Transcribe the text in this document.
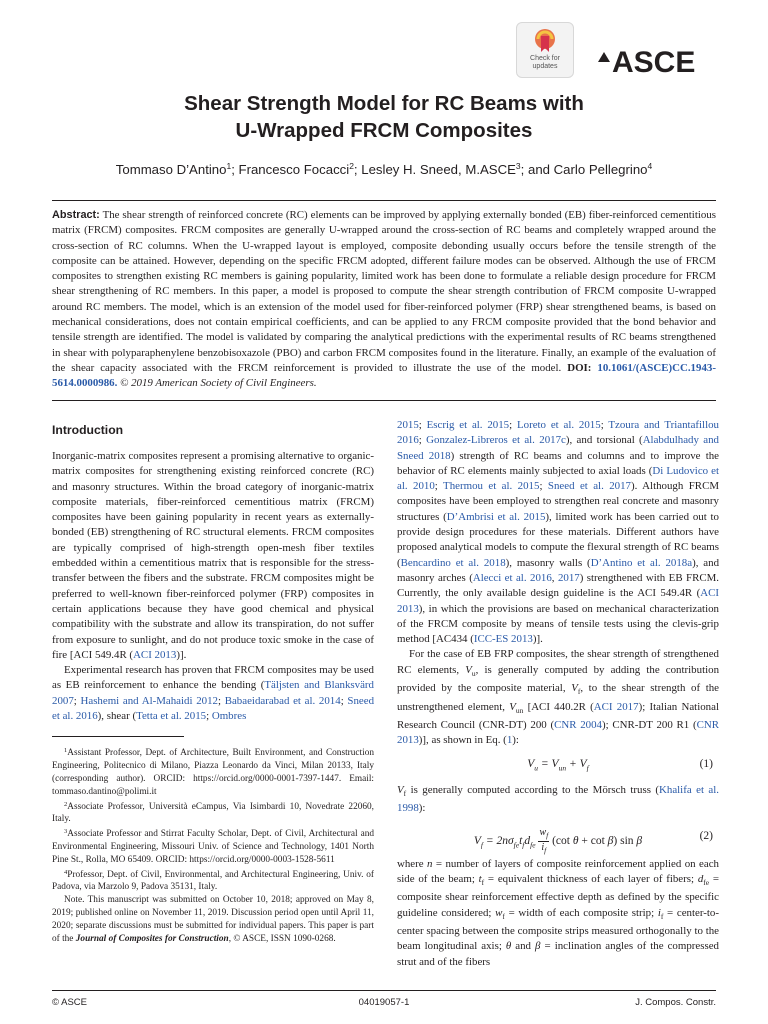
Check for
updates	ASCE
Shear Strength Model for RC Beams with
U-Wrapped FRCM Composites
Tommaso D’Antino$^1$; Francesco Focacci$^2$; Lesley H. Sneed, M.ASCE$^3$; and Carlo Pellegrino$^4$
Abstract: The shear strength of reinforced concrete (RC) elements can be improved by applying externally bonded (EB) fiber-reinforced cementitious matrix (FRCM) composites. FRCM composites are generally U-wrapped around the cross-section of RC beams and completely wrapped around the cross-section of RC columns. When the U-wrapped layout is employed, composite debonding usually occurs before the tensile strength of the composite can be attained. However, depending on the specific FRCM adopted, different failure modes can be observed. Although the use of FRCM composites to strengthen existing RC members is gaining popularity, limited work has been done to formulate a reliable design procedure for FRCM shear strengthening of RC members. In this paper, a model is proposed to compute the shear strength contribution of FRCM composite U-wrapped around RC members. The model, which is an extension of the model used for fiber-reinforced polymer (FRP) shear strengthened beams, is based on mechanical considerations, does not contain empirical coefficients, and can be applied to any FRCM composite provided that the bond behavior and tensile strength are identified. The model is validated by comparing the analytical predictions with the experimental results of RC beams strengthened in shear with polyparaphenylene benzobisoxazole (PBO) and carbon FRCM composites found in the literature. Finally, an example of the evaluation of the shear capacity associated with the FRCM reinforcement is provided to illustrate the use of the model. DOI: 10.1061/(ASCE)CC.1943-5614.0000986. © 2019 American Society of Civil Engineers.
Introduction

Inorganic-matrix composites represent a promising alternative to organic-matrix composites for strengthening existing reinforced concrete (RC) and masonry structures. Within the broad category of inorganic-matrix composite materials, fiber-reinforced cementitious matrix (FRCM) composites have been gaining popularity in recent years as externally-bonded (EB) strengthening of RC structural elements. FRCM composites are typically comprised of high-strength open-mesh fiber textiles embedded within a cementitious matrix that is responsible for the stress-transfer between the fibers and the substrate. FRCM composites might be preferred to well-known fiber-reinforced polymer (FRP) composites in certain applications because they have good chemical and physical compatibility with the substrate and allow its transpiration, do not suffer from exposure to sunlight, and do not produce toxic smoke in the case of fire [ACI 549.4R (ACI 2013)].

Experimental research has proven that FRCM composites may be used as EB reinforcement to enhance the bending (Täljsten and Blanksvärd 2007; Hashemi and Al-Mahaidi 2012; Babaeidarabad et al. 2014; Sneed et al. 2016), shear (Tetta et al. 2015; Ombres

$^1$Assistant Professor, Dept. of Architecture, Built Environment, and Construction Engineering, Politecnico di Milano, Piazza Leonardo da Vinci, Milan 20133, Italy (corresponding author). ORCID: https://orcid.org/0000-0001-7397-1447. Email: tommaso.dantino@polimi.it
$^2$Associate Professor, Università eCampus, Via Isimbardi 10, Novedrate 22060, Italy.
$^3$Associate Professor and Stirrat Faculty Scholar, Dept. of Civil, Architectural and Environmental Engineering, Missouri Univ. of Science and Technology, 1401 North Pine St., Rolla, MO 65409. ORCID: https://orcid.org/0000-0003-1528-5611
$^4$Professor, Dept. of Civil, Environmental, and Architectural Engineering, Univ. of Padova, via Marzolo 9, Padova 35131, Italy.
Note. This manuscript was submitted on October 10, 2018; approved on May 8, 2019; published online on November 11, 2019. Discussion period open until April 11, 2020; separate discussions must be submitted for individual papers. This paper is part of the Journal of Composites for Construction, © ASCE, ISSN 1090-0268.

2015; Escrig et al. 2015; Loreto et al. 2015; Tzoura and Triantafillou 2016; Gonzalez-Libreros et al. 2017c), and torsional (Alabdulhady and Sneed 2018) strength of RC beams and columns and to improve the behavior of RC elements mainly subjected to axial loads (Di Ludovico et al. 2010; Thermou et al. 2015; Sneed et al. 2017). Although FRCM composites have been employed to strengthen real concrete and masonry structures (D’Ambrisi et al. 2015), limited work has been carried out to provide design procedures for these materials. Different authors have proposed analytical models to compute the flexural strength of RC beams (Bencardino et al. 2018), masonry walls (D’Antino et al. 2018a), and masonry arches (Alecci et al. 2016, 2017) strengthened with EB FRCM. Currently, the only available design guideline is the ACI 549.4R (ACI 2013), in which the provisions are based on mechanical characterization of the FRCM composite by means of tensile tests using the clevis-grip method [AC434 (ICC-ES 2013)].

For the case of EB FRP composites, the shear strength of strengthened RC elements, $V_u$, is generally computed by adding the contribution provided by the composite material, $V_f$, to the shear strength of the unstrengthened element, $V_{un}$ [ACI 440.2R (ACI 2017); Italian National Research Council (CNR-DT) 200 (CNR 2004); CNR-DT 200 R1 (CNR 2013)], as shown in Eq. (1):

$V_u = V_{un} + V_f$	(1)

$V_f$ is generally computed according to the Mörsch truss (Khalifa et al. 1998):

$V_f = 2n\sigma_{fe}t_fd_{fe} \frac{w_f}{i_f} (\cot$ θ + cot β) sin β	(2)

where n = number of layers of composite reinforcement applied on each side of the beam; $t_f$ = equivalent thickness of each layer of fibers; $d_{fe}$ = composite shear reinforcement effective depth as defined by the specific guideline considered; $w_f$ = width of each composite strip; $i_f$ = center-to-center spacing between the composite strips measured orthogonally to the beam longitudinal axis; θ and β = inclination angles of the compressed strut and of the fibers

© ASCE	04019057-1	J. Compos. Constr.
